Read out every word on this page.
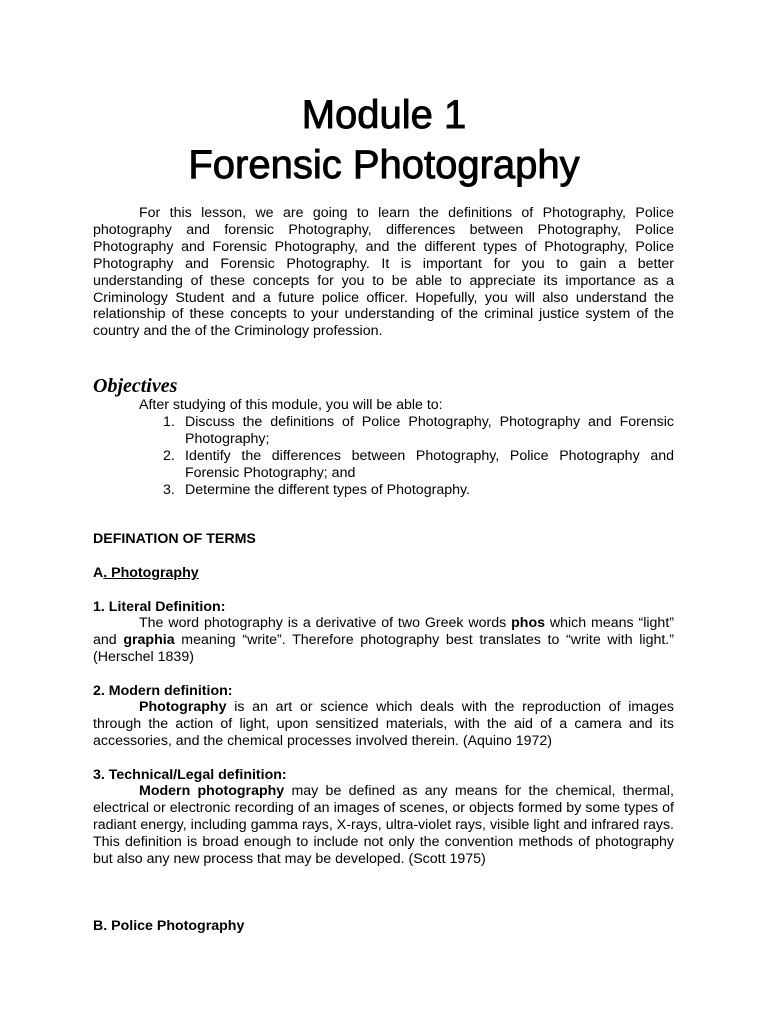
Module 1
Forensic Photography

For this lesson, we are going to learn the definitions of Photography, Police photography and forensic Photography, differences between Photography, Police Photography and Forensic Photography, and the different types of Photography, Police Photography and Forensic Photography. It is important for you to gain a better understanding of these concepts for you to be able to appreciate its importance as a Criminology Student and a future police officer. Hopefully, you will also understand the relationship of these concepts to your understanding of the criminal justice system of the country and the of the Criminology profession.

Objectives

After studying of this module, you will be able to:

1. Discuss the definitions of Police Photography, Photography and Forensic Photography;
2. Identify the differences between Photography, Police Photography and Forensic Photography; and
3. Determine the different types of Photography.

DEFINATION OF TERMS

A. Photography

1. Literal Definition:

The word photography is a derivative of two Greek words phos which means “light” and graphia meaning “write”. Therefore photography best translates to “write with light.” (Herschel 1839)

2. Modern definition:

Photography is an art or science which deals with the reproduction of images through the action of light, upon sensitized materials, with the aid of a camera and its accessories, and the chemical processes involved therein. (Aquino 1972)

3. Technical/Legal definition:

Modern photography may be defined as any means for the chemical, thermal, electrical or electronic recording of an images of scenes, or objects formed by some types of radiant energy, including gamma rays, X-rays, ultra-violet rays, visible light and infrared rays. This definition is broad enough to include not only the convention methods of photography but also any new process that may be developed. (Scott 1975)

B. Police Photography
